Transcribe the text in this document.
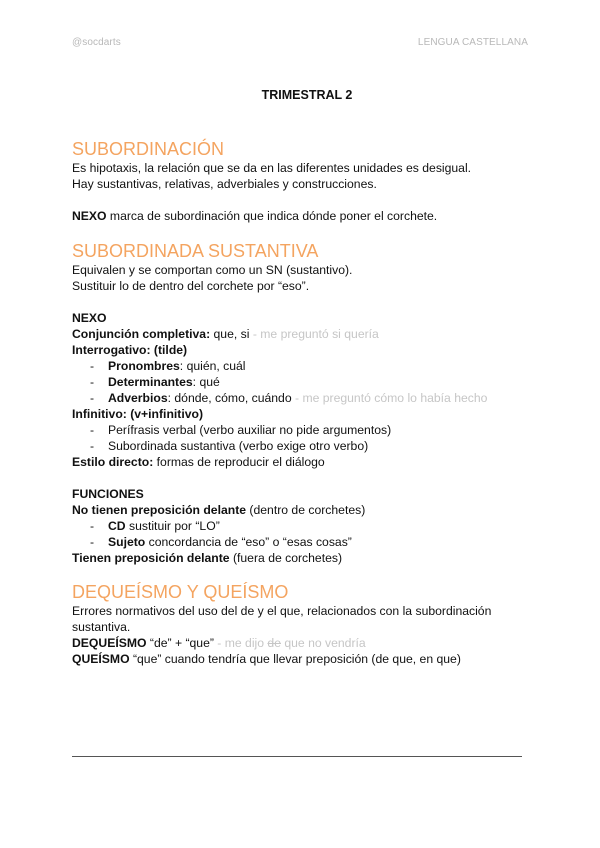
@socdarts	LENGUA CASTELLANA
TRIMESTRAL 2
SUBORDINACIÓN
Es hipotaxis, la relación que se da en las diferentes unidades es desigual.
Hay sustantivas, relativas, adverbiales y construcciones.
NEXO marca de subordinación que indica dónde poner el corchete.
SUBORDINADA SUSTANTIVA
Equivalen y se comportan como un SN (sustantivo).
Sustituir lo de dentro del corchete por “eso”.
NEXO
Conjunción completiva: que, si - me preguntó si quería
Interrogativo: (tilde)
- Pronombres: quién, cuál
- Determinantes: qué
- Adverbios: dónde, cómo, cuándo - me preguntó cómo lo había hecho
Infinitivo: (v+infinitivo)
- Perífrasis verbal (verbo auxiliar no pide argumentos)
- Subordinada sustantiva (verbo exige otro verbo)
Estilo directo: formas de reproducir el diálogo
FUNCIONES
No tienen preposición delante (dentro de corchetes)
- CD sustituir por “LO”
- Sujeto concordancia de “eso” o “esas cosas”
Tienen preposición delante (fuera de corchetes)
DEQUEÍSMO Y QUEÍSMO
Errores normativos del uso del de y el que, relacionados con la subordinación
sustantiva.
DEQUEÍSMO “de” + “que” - me dijo de que no vendría
QUEÍSMO “que” cuando tendría que llevar preposición (de que, en que)
